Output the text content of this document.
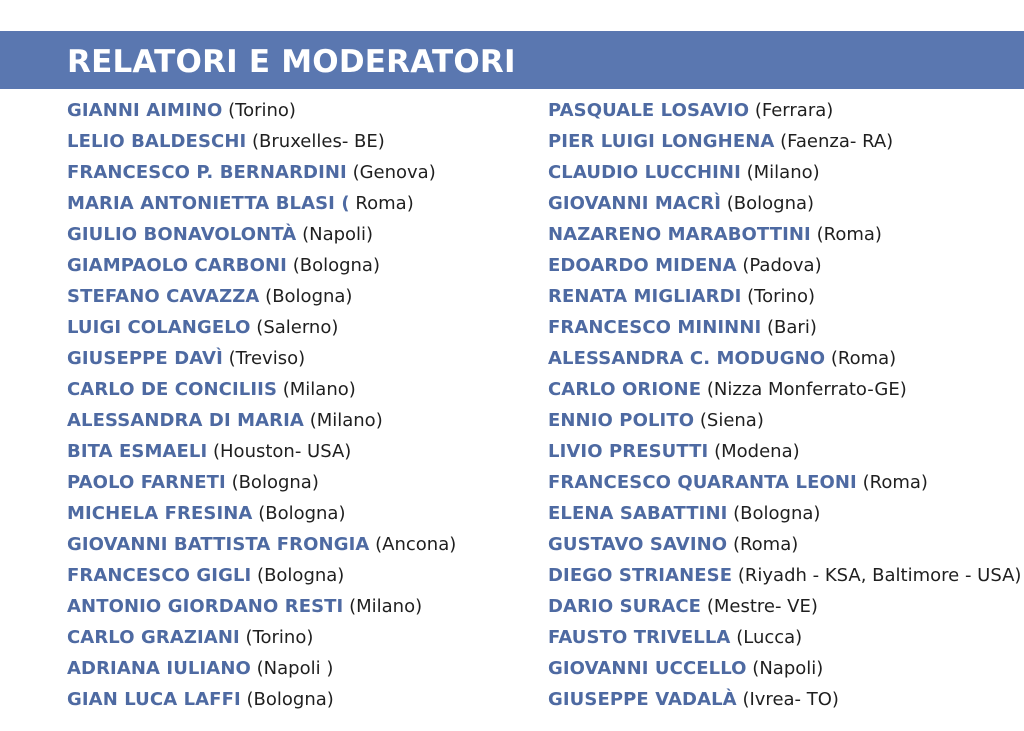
RELATORI E MODERATORI
GIANNI AIMINO (Torino)
LELIO BALDESCHI (Bruxelles- BE)
FRANCESCO P. BERNARDINI (Genova)
MARIA ANTONIETTA BLASI ( Roma)
GIULIO BONAVOLONTÀ (Napoli)
GIAMPAOLO CARBONI (Bologna)
STEFANO CAVAZZA (Bologna)
LUIGI COLANGELO (Salerno)
GIUSEPPE DAVÌ (Treviso)
CARLO DE CONCILIIS (Milano)
ALESSANDRA DI MARIA (Milano)
BITA ESMAELI (Houston- USA)
PAOLO FARNETI (Bologna)
MICHELA FRESINA (Bologna)
GIOVANNI BATTISTA FRONGIA (Ancona)
FRANCESCO GIGLI (Bologna)
ANTONIO GIORDANO RESTI (Milano)
CARLO GRAZIANI (Torino)
ADRIANA IULIANO (Napoli )
GIAN LUCA LAFFI (Bologna)
PASQUALE LOSAVIO (Ferrara)
PIER LUIGI LONGHENA (Faenza- RA)
CLAUDIO LUCCHINI (Milano)
GIOVANNI MACRÌ (Bologna)
NAZARENO MARABOTTINI (Roma)
EDOARDO MIDENA (Padova)
RENATA MIGLIARDI (Torino)
FRANCESCO MININNI (Bari)
ALESSANDRA C. MODUGNO (Roma)
CARLO ORIONE (Nizza Monferrato-GE)
ENNIO POLITO (Siena)
LIVIO PRESUTTI (Modena)
FRANCESCO QUARANTA LEONI (Roma)
ELENA SABATTINI (Bologna)
GUSTAVO SAVINO (Roma)
DIEGO STRIANESE (Riyadh - KSA, Baltimore - USA)
DARIO SURACE (Mestre- VE)
FAUSTO TRIVELLA (Lucca)
GIOVANNI UCCELLO (Napoli)
GIUSEPPE VADALÀ (Ivrea- TO)
